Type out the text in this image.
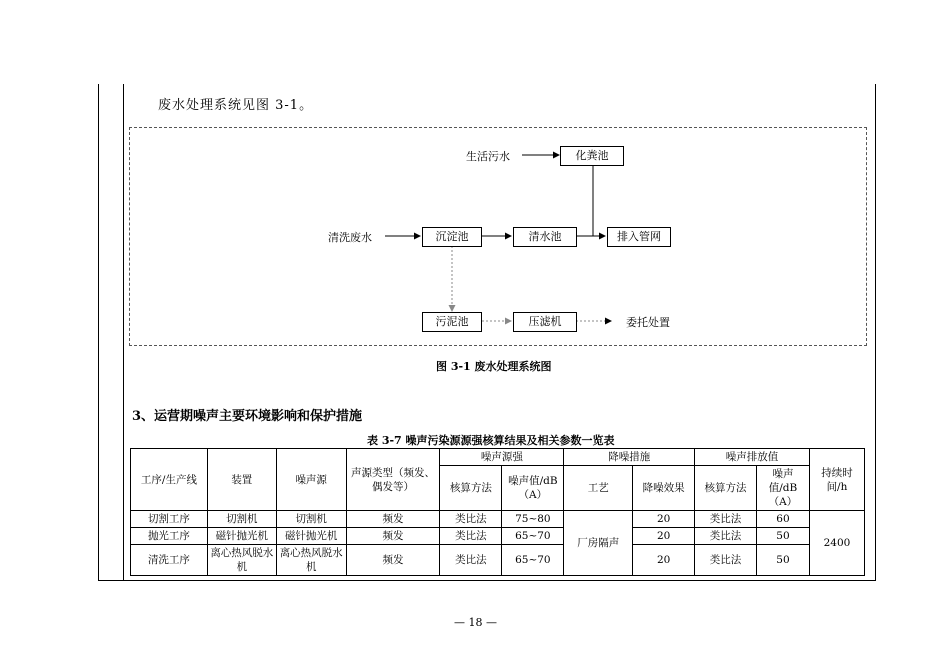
废水处理系统见图 3-1。
生活污水	化粪池
清洗废水	沉淀池	清水池	排入管网
污泥池	压滤机	委托处置
图 3-1 废水处理系统图
3、运营期噪声主要环境影响和保护措施
表 3-7 噪声污染源源强核算结果及相关参数一览表
工序/生产线	装置	噪声源	声源类型（频发、偶发等）	噪声源强		降噪措施		噪声排放值		持续时间/h
				核算方法	噪声值/dB（A）	工艺	降噪效果	核算方法	噪声值/dB（A）	
切割工序	切割机	切割机	频发	类比法	75~80	厂房隔声	20	类比法	60	2400
抛光工序	磁针抛光机	磁针抛光机	频发	类比法	65~70		20	类比法	50	
清洗工序	离心热风脱水机	离心热风脱水机	频发	类比法	65~70		20	类比法	50	
— 18 —
